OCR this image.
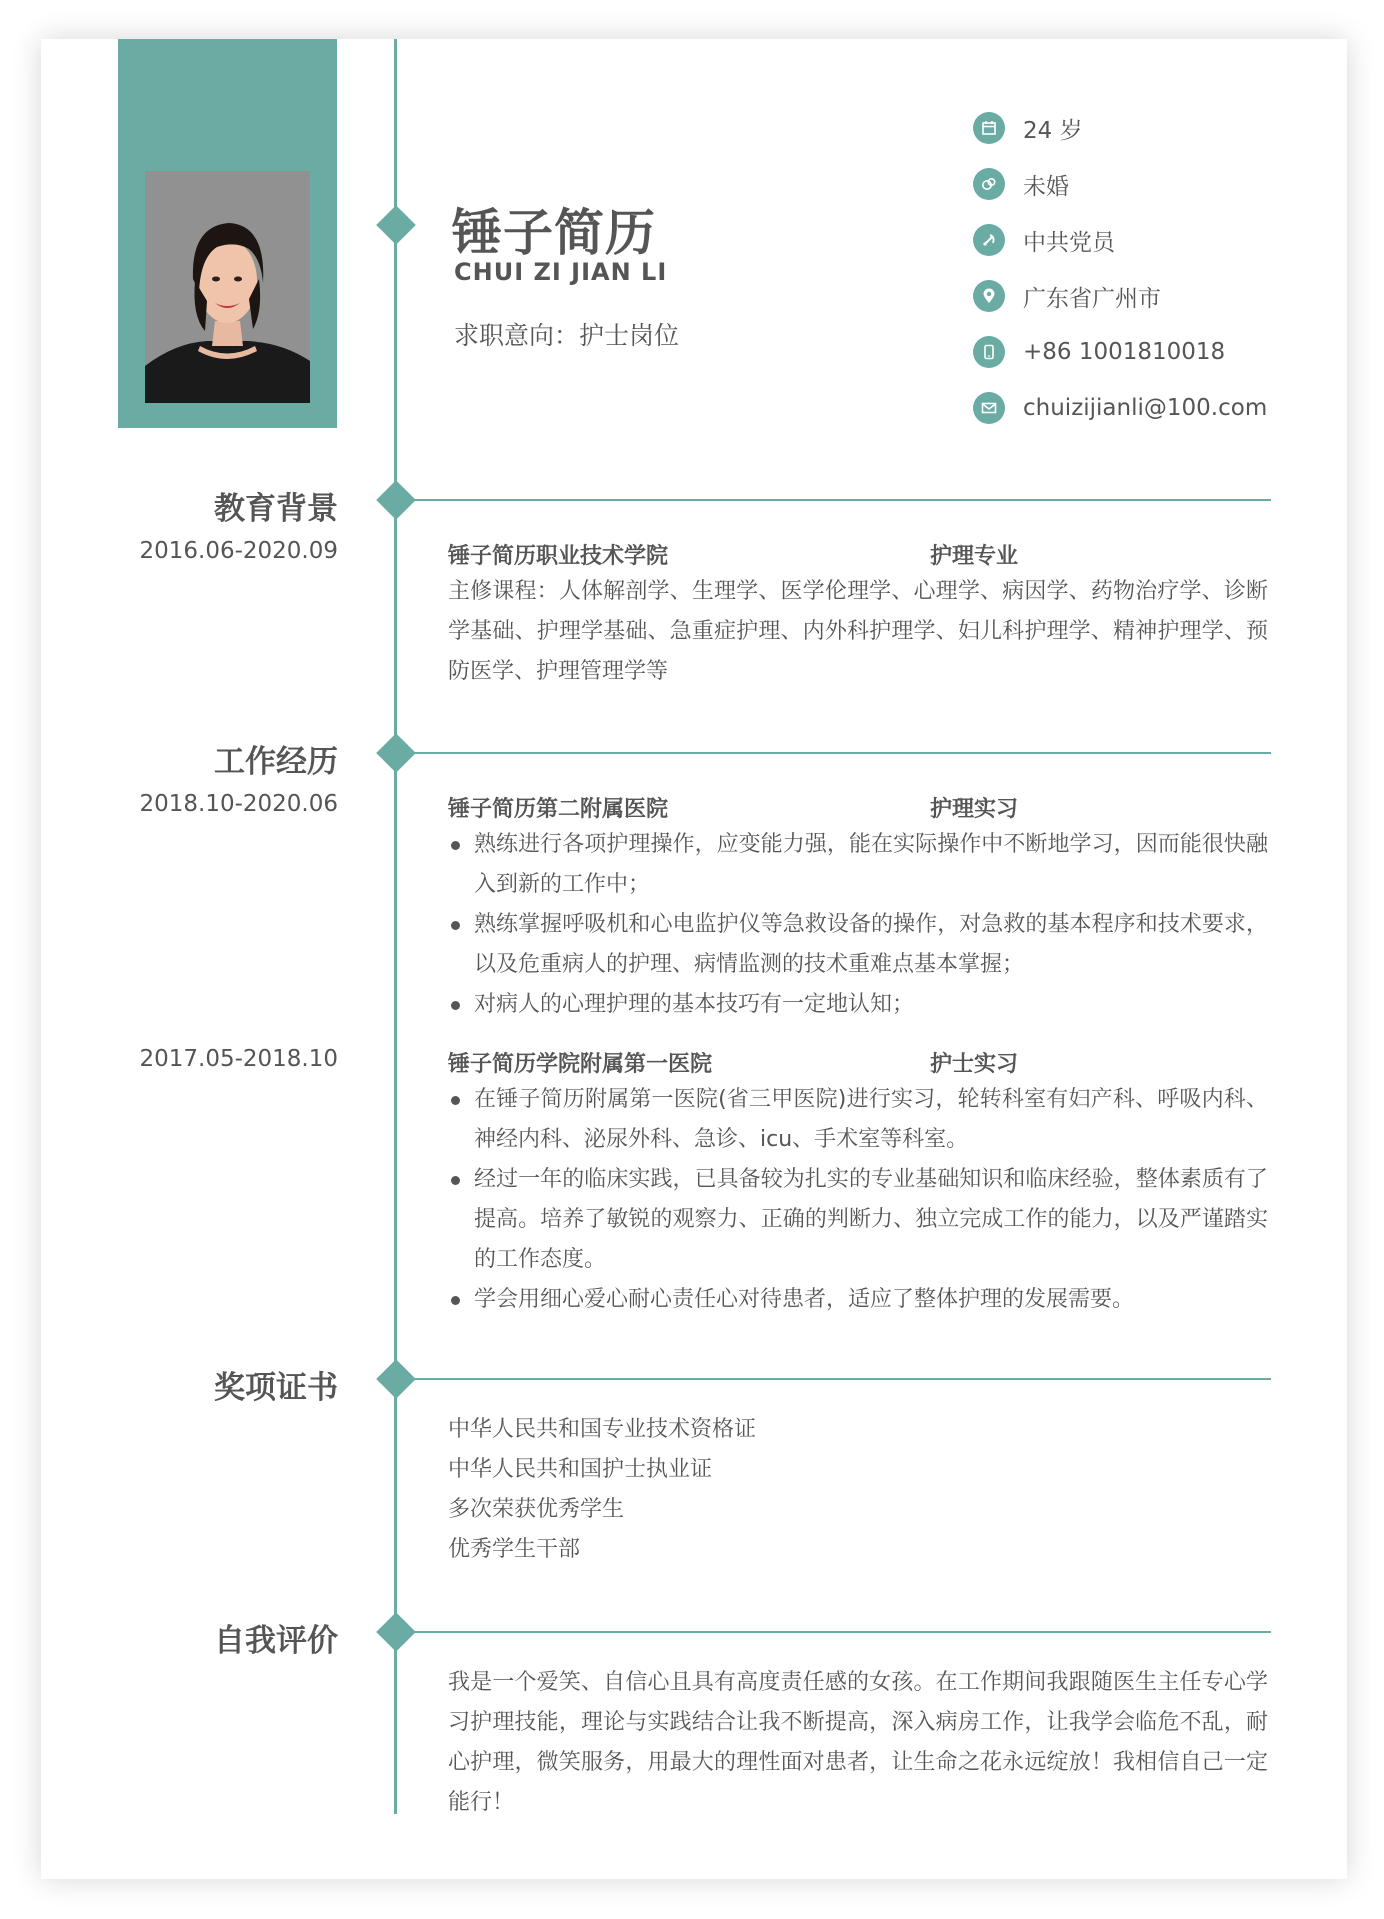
锤子简历
CHUI ZI JIAN LI
求职意向：护士岗位
24 岁
未婚
中共党员
广东省广州市
+86 1001810018
chuizijianli@100.com
教育背景
2016.06-2020.09	锤子简历职业技术学院	护理专业
主修课程：人体解剖学、生理学、医学伦理学、心理学、病因学、药物治疗学、诊断学基础、护理学基础、急重症护理、内外科护理学、妇儿科护理学、精神护理学、预防医学、护理管理学等
工作经历
2018.10-2020.06	锤子简历第二附属医院	护理实习
熟练进行各项护理操作，应变能力强，能在实际操作中不断地学习，因而能很快融入到新的工作中；
熟练掌握呼吸机和心电监护仪等急救设备的操作，对急救的基本程序和技术要求，以及危重病人的护理、病情监测的技术重难点基本掌握；
对病人的心理护理的基本技巧有一定地认知；
2017.05-2018.10	锤子简历学院附属第一医院	护士实习
在锤子简历附属第一医院(省三甲医院)进行实习，轮转科室有妇产科、呼吸内科、神经内科、泌尿外科、急诊、icu、手术室等科室。
经过一年的临床实践，已具备较为扎实的专业基础知识和临床经验，整体素质有了提高。培养了敏锐的观察力、正确的判断力、独立完成工作的能力，以及严谨踏实的工作态度。
学会用细心爱心耐心责任心对待患者，适应了整体护理的发展需要。
奖项证书
中华人民共和国专业技术资格证
中华人民共和国护士执业证
多次荣获优秀学生
优秀学生干部
自我评价
我是一个爱笑、自信心且具有高度责任感的女孩。在工作期间我跟随医生主任专心学习护理技能，理论与实践结合让我不断提高，深入病房工作，让我学会临危不乱，耐心护理，微笑服务，用最大的理性面对患者，让生命之花永远绽放！我相信自己一定能行！
